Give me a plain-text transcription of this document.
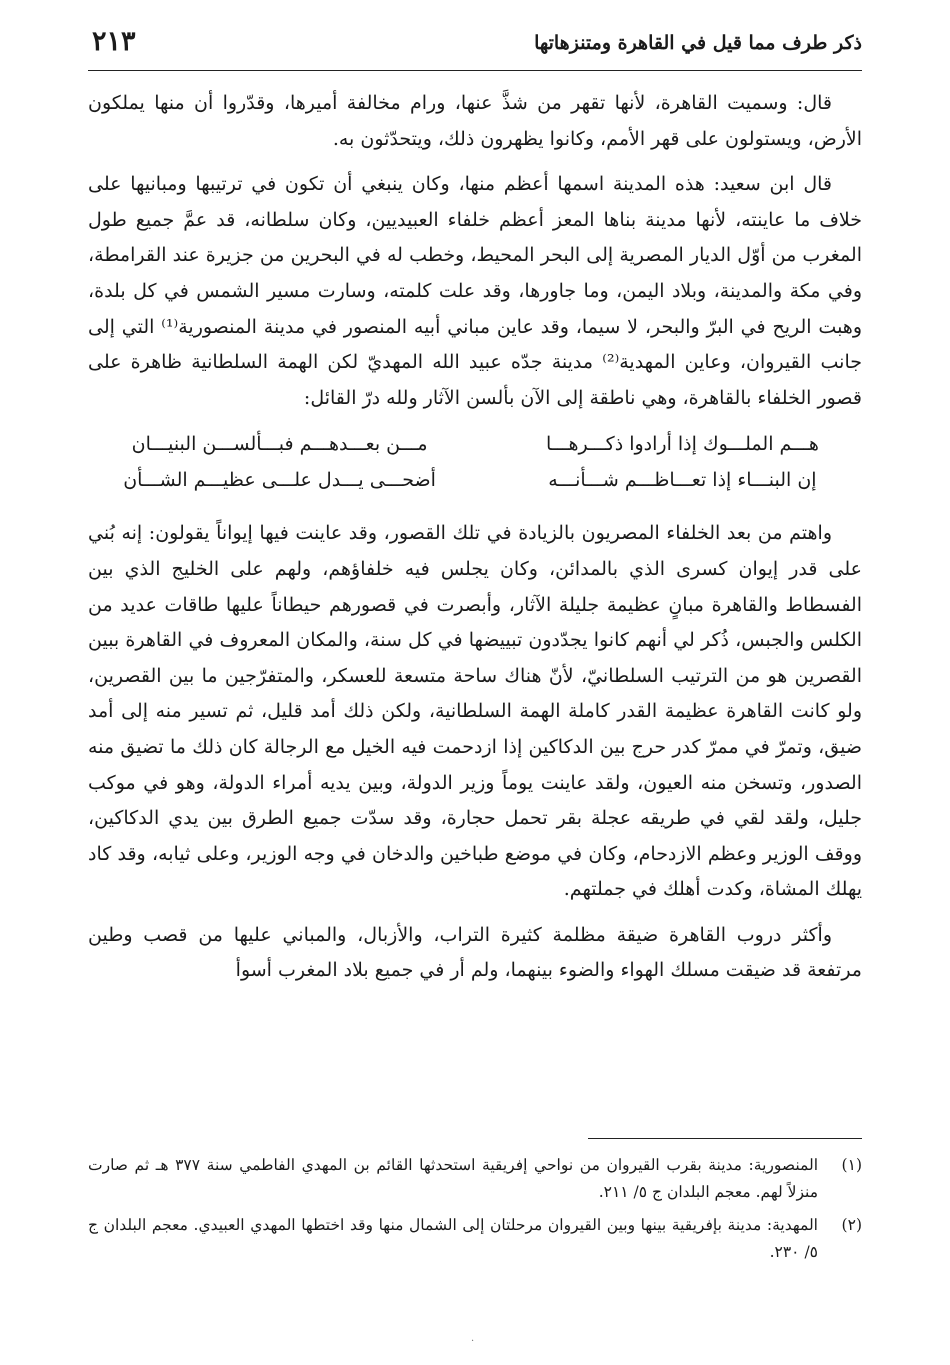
ذكر طرف مما قيل في القاهرة ومتنزهاتها
٢١٣

قال: وسميت القاهرة، لأنها تقهر من شذَّ عنها، ورام مخالفة أميرها، وقدّروا أن منها يملكون الأرض، ويستولون على قهر الأمم، وكانوا يظهرون ذلك، ويتحدّثون به.

قال ابن سعيد: هذه المدينة اسمها أعظم منها، وكان ينبغي أن تكون في ترتيبها ومبانيها على خلاف ما عاينته، لأنها مدينة بناها المعز أعظم خلفاء العبيديين، وكان سلطانه، قد عمَّ جميع طول المغرب من أوّل الديار المصرية إلى البحر المحيط، وخطب له في البحرين من جزيرة عند القرامطة، وفي مكة والمدينة، وبلاد اليمن، وما جاورها، وقد علت كلمته، وسارت مسير الشمس في كل بلدة، وهبت الريح في البرّ والبحر، لا سيما، وقد عاين مباني أبيه المنصور في مدينة المنصورية⁽¹⁾ التي إلى جانب القيروان، وعاين المهدية⁽²⁾ مدينة جدّه عبيد الله المهديّ لكن الهمة السلطانية ظاهرة على قصور الخلفاء بالقاهرة، وهي ناطقة إلى الآن بألسن الآثار ولله درّ القائل:

هـــم الملـــوك إذا أرادوا ذكـــرهـــا
مـــن بعـــدهـــم فبـــألســـن البنيـــان
إن البنـــاء إذا تعـــاظـــم شـــأنـــه
أضحـــى يـــدل علـــى عظيـــم الشـــأن

واهتم من بعد الخلفاء المصريون بالزيادة في تلك القصور، وقد عاينت فيها إيواناً يقولون: إنه بُني على قدر إيوان كسرى الذي بالمدائن، وكان يجلس فيه خلفاؤهم، ولهم على الخليج الذي بين الفسطاط والقاهرة مبانٍ عظيمة جليلة الآثار، وأبصرت في قصورهم حيطاناً عليها طاقات عديد من الكلس والجبس، ذُكر لي أنهم كانوا يجدّدون تبييضها في كل سنة، والمكان المعروف في القاهرة ببين القصرين هو من الترتيب السلطانيّ، لأنّ هناك ساحة متسعة للعسكر، والمتفرّجين ما بين القصرين، ولو كانت القاهرة عظيمة القدر كاملة الهمة السلطانية، ولكن ذلك أمد قليل، ثم تسير منه إلى أمد ضيق، وتمرّ في ممرّ كدر حرج بين الدكاكين إذا ازدحمت فيه الخيل مع الرجالة كان ذلك ما تضيق منه الصدور، وتسخن منه العيون، ولقد عاينت يوماً وزير الدولة، وبين يديه أمراء الدولة، وهو في موكب جليل، ولقد لقي في طريقه عجلة بقر تحمل حجارة، وقد سدّت جميع الطرق بين يدي الدكاكين، ووقف الوزير وعظم الازدحام، وكان في موضع طباخين والدخان في وجه الوزير، وعلى ثيابه، وقد كاد يهلك المشاة، وكدت أهلك في جملتهم.

وأكثر دروب القاهرة ضيقة مظلمة كثيرة التراب، والأزبال، والمباني عليها من قصب وطين مرتفعة قد ضيقت مسلك الهواء والضوء بينهما، ولم أر في جميع بلاد المغرب أسوأ

(١)
المنصورية: مدينة بقرب القيروان من نواحي إفريقية استحدثها القائم بن المهدي الفاطمي سنة ٣٧٧ هـ ثم صارت منزلاً لهم. معجم البلدان ج ٥/ ٢١١.
(٢)
المهدية: مدينة بإفريقية بينها وبين القيروان مرحلتان إلى الشمال منها وقد اختطها المهدي العبيدي. معجم البلدان ج ٥/ ٢٣٠.
·
